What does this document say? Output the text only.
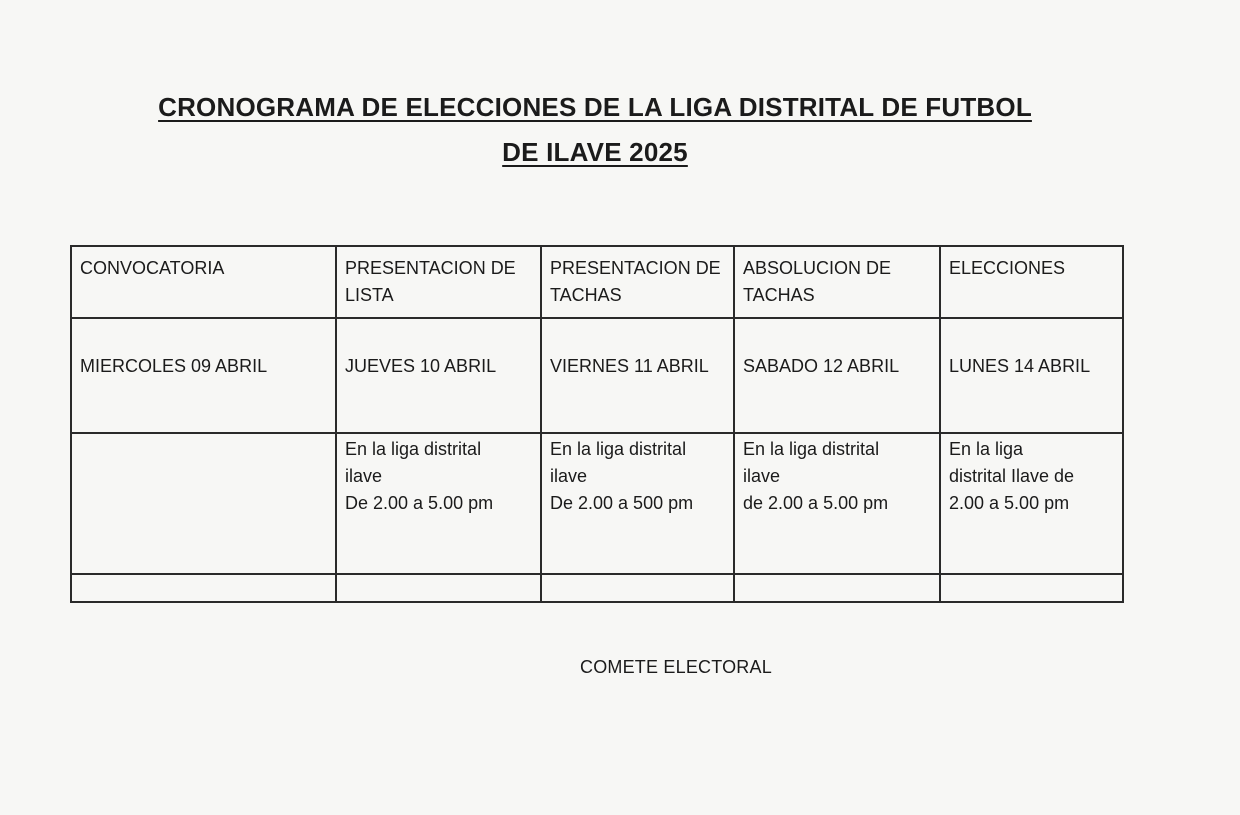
CRONOGRAMA DE ELECCIONES DE LA LIGA DISTRITAL DE FUTBOL
DE ILAVE 2025
CONVOCATORIA	PRESENTACION DE LISTA	PRESENTACION DE TACHAS	ABSOLUCION DE TACHAS	ELECCIONES
MIERCOLES 09 ABRIL	JUEVES 10 ABRIL	VIERNES 11 ABRIL	SABADO 12 ABRIL	LUNES 14 ABRIL
	En la liga distrital
ilave
De 2.00 a 5.00 pm	En la liga distrital
ilave
De 2.00 a 500 pm	En la liga distrital
ilave
de 2.00 a 5.00 pm	En la liga
distrital Ilave de
2.00 a 5.00 pm

COMETE ELECTORAL
